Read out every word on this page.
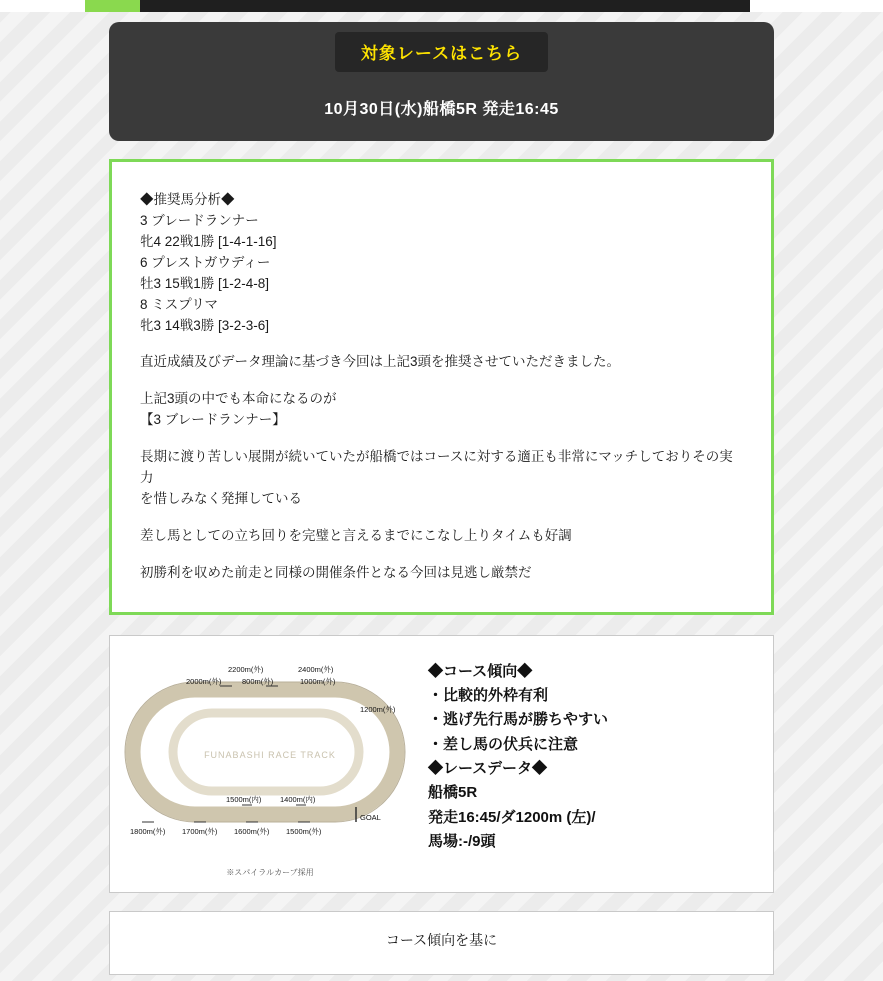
対象レースはこちら
10月30日(水)船橋5R 発走16:45

◆推奨馬分析◆

3 ブレードランナー

牝4 22戦1勝 [1-4-1-16]

6 プレストガウディー

牡3 15戦1勝 [1-2-4-8]

8 ミスプリマ

牝3 14戦3勝 [3-2-3-6]

直近成績及びデータ理論に基づき今回は上記3頭を推奨させていただきました。

上記3頭の中でも本命になるのが

【3 ブレードランナー】

長期に渡り苦しい展開が続いていたが船橋ではコースに対する適正も非常にマッチしておりその実力

を惜しみなく発揮している

差し馬としての立ち回りを完璧と言えるまでにこなし上りタイムも好調

初勝利を収めた前走と同様の開催条件となる今回は見逃し厳禁だ

FUNABASHI RACE TRACK
GOAL
2200m(外)
2000m(外)	800m(外)
2400m(外)
1000m(外)
1200m(外)
1500m(内) 1400m(内)
1800m(外) 1700m(外) 1600m(外) 1500m(外)
※スパイラルカーブ採用
◆コース傾向◆
・比較的外枠有利
・逃げ先行馬が勝ちやすい
・差し馬の伏兵に注意
◆レースデータ◆
船橋5R
発走16:45/ダ1200m (左)/
馬場:-/9頭
コース傾向を基に
